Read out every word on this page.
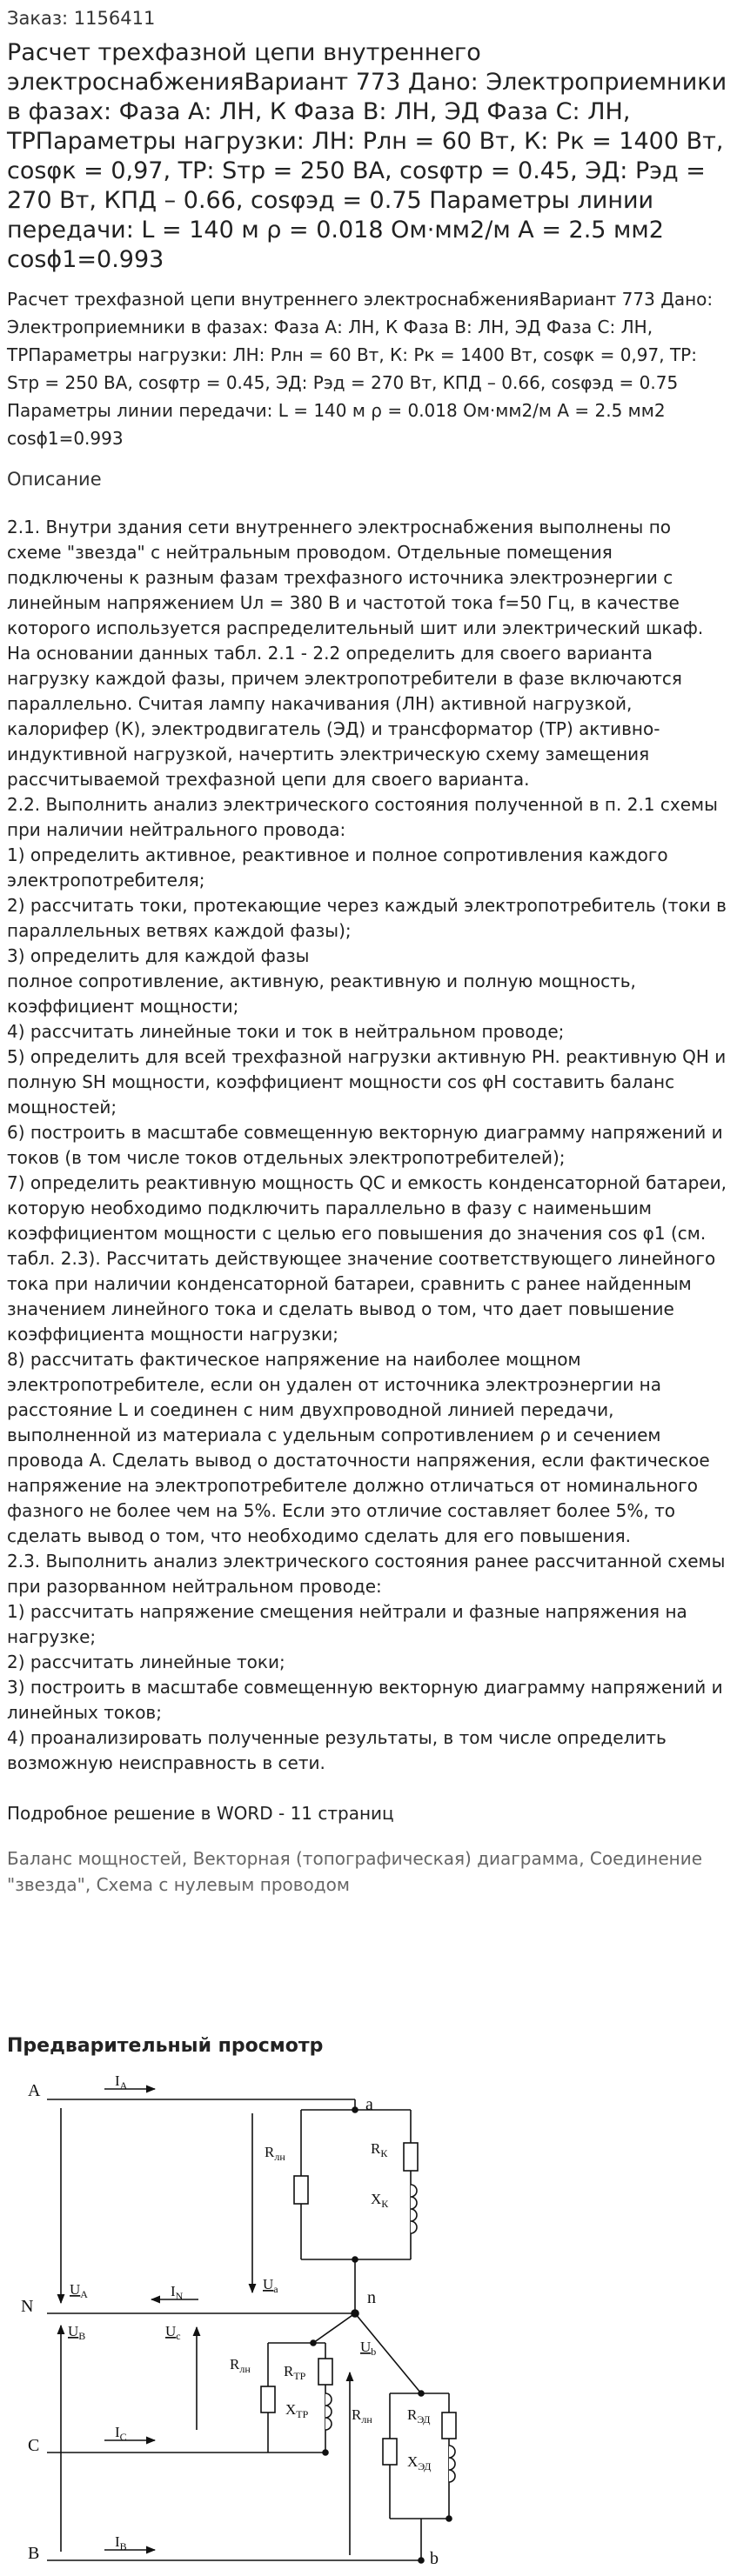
Заказ: 1156411
Расчет трехфазной цепи внутреннего электроснабженияВариант 773 Дано: Электроприемники в фазах: Фаза А: ЛН, К Фаза В: ЛН, ЭД Фаза С: ЛН, ТРПараметры нагрузки: ЛН: Pлн = 60 Вт, К: Pк = 1400 Вт, cosφк = 0,97, ТР: Sтр = 250 ВА, cosφтр = 0.45, ЭД: Pэд = 270 Вт, КПД – 0.66, cosφэд = 0.75 Параметры линии передачи: L = 140 м ρ = 0.018 Ом·мм2/м A = 2.5 мм2 cosϕ1=0.993

Расчет трехфазной цепи внутреннего электроснабженияВариант 773 Дано: Электроприемники в фазах: Фаза А: ЛН, К Фаза В: ЛН, ЭД Фаза С: ЛН, ТРПараметры нагрузки: ЛН: Pлн = 60 Вт, К: Pк = 1400 Вт, cosφк = 0,97, ТР: Sтр = 250 ВА, cosφтр = 0.45, ЭД: Pэд = 270 Вт, КПД – 0.66, cosφэд = 0.75 Параметры линии передачи: L = 140 м ρ = 0.018 Ом·мм2/м A = 2.5 мм2 cosϕ1=0.993

Описание
2.1. Внутри здания сети внутреннего электроснабжения выполнены по схеме "звезда" с нейтральным проводом. Отдельные помещения подключены к разным фазам трехфазного источника электроэнергии с линейным напряжением Uл = 380 В и частотой тока f=50 Гц, в качестве которого используется распределительный шит или электрический шкаф. На основании данных табл. 2.1 - 2.2 определить для своего варианта нагрузку каждой фазы, причем электропотребители в фазе включаются параллельно. Считая лампу накачивания (ЛН) активной нагрузкой, калорифер (К), электродвигатель (ЭД) и трансформатор (ТР) активно-индуктивной нагрузкой, начертить электрическую схему замещения рассчитываемой трехфазной цепи для своего варианта.
2.2. Выполнить анализ электрического состояния полученной в п. 2.1 схемы при наличии нейтрального провода:
1) определить активное, реактивное и полное сопротивления каждого электропотребителя;
2) рассчитать токи, протекающие через каждый электропотребитель (токи в параллельных ветвях каждой фазы);
3) определить для каждой фазы
полное сопротивление, активную, реактивную и полную мощность, коэффициент мощности;
4) рассчитать линейные токи и ток в нейтральном проводе;
5) определить для всей трехфазной нагрузки активную PH. реактивную QH и полную SH мощности, коэффициент мощности cos φH составить баланс мощностей;
6) построить в масштабе совмещенную векторную диаграмму напряжений и токов (в том числе токов отдельных электропотребителей);
7) определить реактивную мощность QC и емкость конденсаторной батареи, которую необходимо подключить параллельно в фазу с наименьшим коэффициентом мощности с целью его повышения до значения cos φ1 (см. табл. 2.3). Рассчитать действующее значение соответствующего линейного тока при наличии конденсаторной батареи, сравнить с ранее найденным значением линейного тока и сделать вывод о том, что дает повышение коэффициента мощности нагрузки;
8) рассчитать фактическое напряжение на наиболее мощном электропотребителе, если он удален от источника электроэнергии на расстояние L и соединен с ним двухпроводной линией передачи, выполненной из материала с удельным сопротивлением ρ и сечением провода А. Сделать вывод о достаточности напряжения, если фактическое напряжение на электропотребителе должно отличаться от номинального фазного не более чем на 5%. Если это отличие составляет более 5%, то сделать вывод о том, что необходимо сделать для его повышения.
2.3. Выполнить анализ электрического состояния ранее рассчитанной схемы при разорванном нейтральном проводе:
1) рассчитать напряжение смещения нейтрали и фазные напряжения на нагрузке;
2) рассчитать линейные токи;
3) построить в масштабе совмещенную векторную диаграмму напряжений и линейных токов;
4) проанализировать полученные результаты, в том числе определить возможную неисправность в сети.

Подробное решение в WORD - 11 страниц
Баланс мощностей, Векторная (топографическая) диаграмма, Соединение "звезда", Схема с нулевым проводом
Предварительный просмотр
A
N
C
B
a
n
b
$I_A$
$I_N$
$I_C$
$I_B$
$U_A$
$U_B$	$U_c$
$U_a$
$U_b$
$R_{лн}$	$R_К$
$X_К$
$R_{лн}$ $R_{ТР}$
$X_{ТР}$	$R_{лн}$ $R_{ЭД}$
$X_{ЭД}$
